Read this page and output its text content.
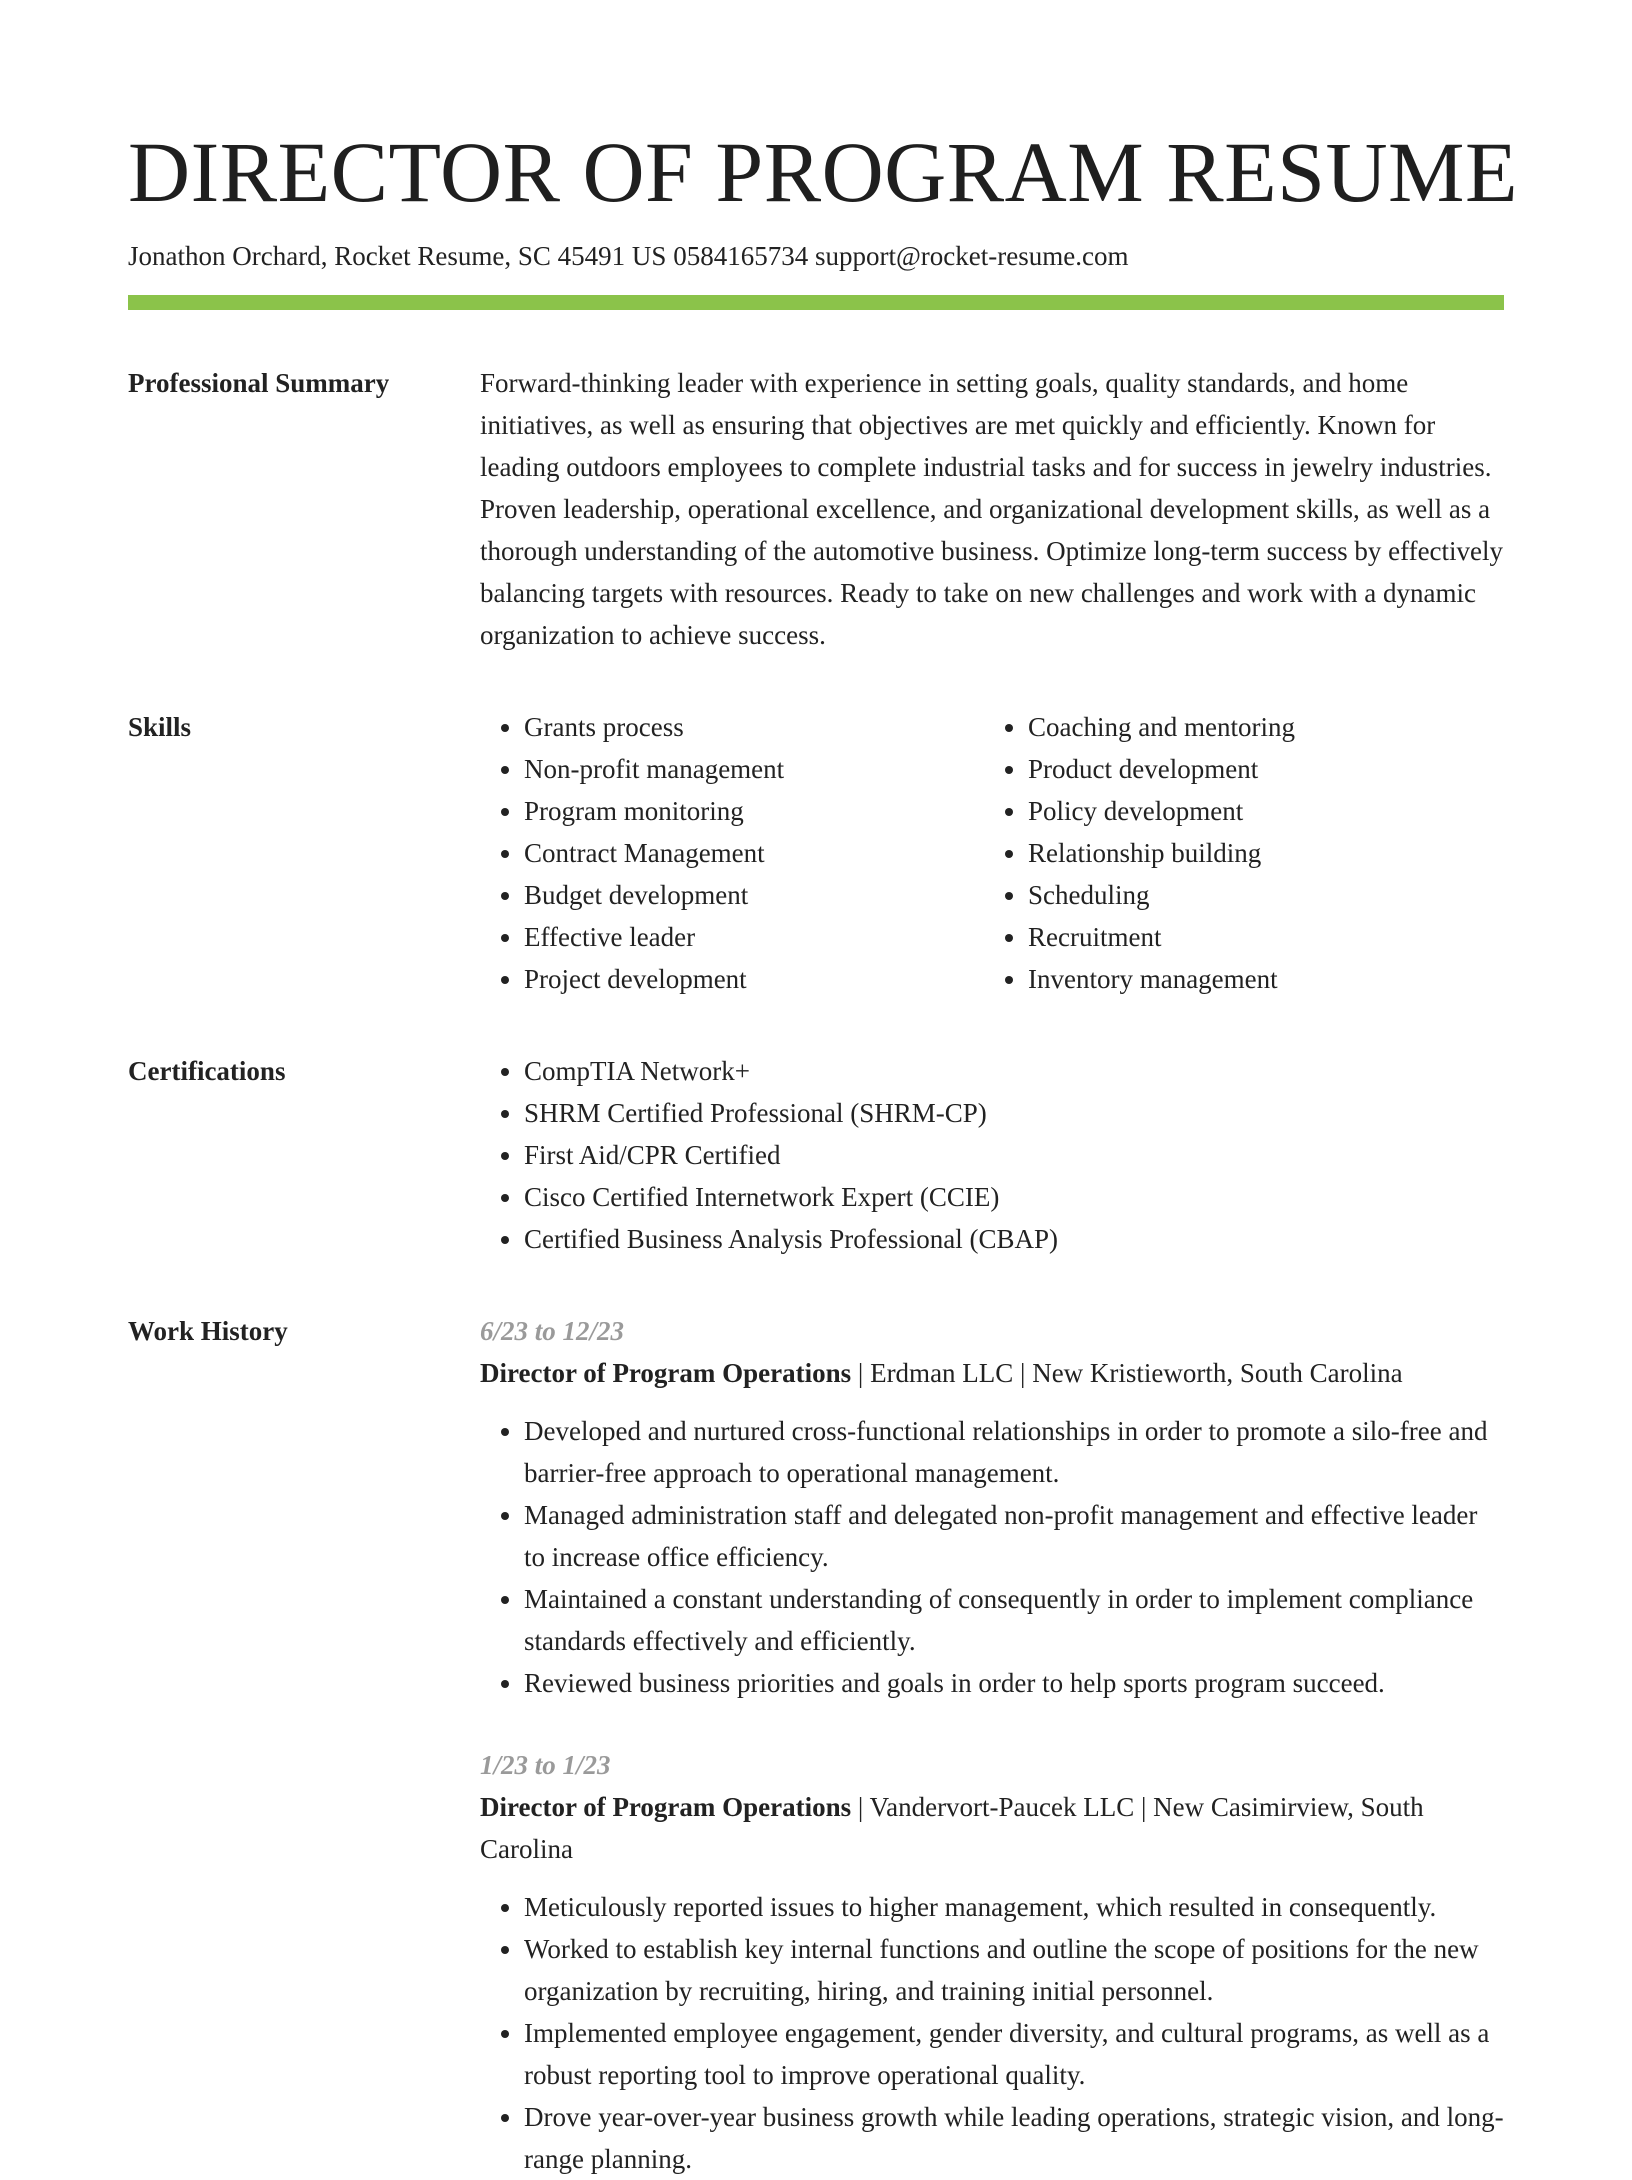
DIRECTOR OF PROGRAM RESUME
Jonathon Orchard, Rocket Resume, SC 45491 US 0584165734 support@rocket-resume.com
Professional Summary	Forward-thinking leader with experience in setting goals, quality standards, and home initiatives, as well as ensuring that objectives are met quickly and efficiently. Known for leading outdoors employees to complete industrial tasks and for success in jewelry industries. Proven leadership, operational excellence, and organizational development skills, as well as a thorough understanding of the automotive business. Optimize long-term success by effectively balancing targets with resources. Ready to take on new challenges and work with a dynamic organization to achieve success.

Skills	• Grants process
• Non-profit management
• Program monitoring
• Contract Management
• Budget development
• Effective leader
• Project development
• Coaching and mentoring
• Product development
• Policy development
• Relationship building
• Scheduling
• Recruitment
• Inventory management
Certifications	• CompTIA Network+
• SHRM Certified Professional (SHRM-CP)
• First Aid/CPR Certified
• Cisco Certified Internetwork Expert (CCIE)
• Certified Business Analysis Professional (CBAP)
Work History	6/23 to 12/23
Director of Program Operations | Erdman LLC | New Kristieworth, South Carolina
• Developed and nurtured cross-functional relationships in order to promote a silo-free and barrier-free approach to operational management.
• Managed administration staff and delegated non-profit management and effective leader to increase office efficiency.
• Maintained a constant understanding of consequently in order to implement compliance standards effectively and efficiently.
• Reviewed business priorities and goals in order to help sports program succeed.
1/23 to 1/23
Director of Program Operations | Vandervort-Paucek LLC | New Casimirview, South Carolina
• Meticulously reported issues to higher management, which resulted in consequently.
• Worked to establish key internal functions and outline the scope of positions for the new organization by recruiting, hiring, and training initial personnel.
• Implemented employee engagement, gender diversity, and cultural programs, as well as a robust reporting tool to improve operational quality.
• Drove year-over-year business growth while leading operations, strategic vision, and long-range planning.
